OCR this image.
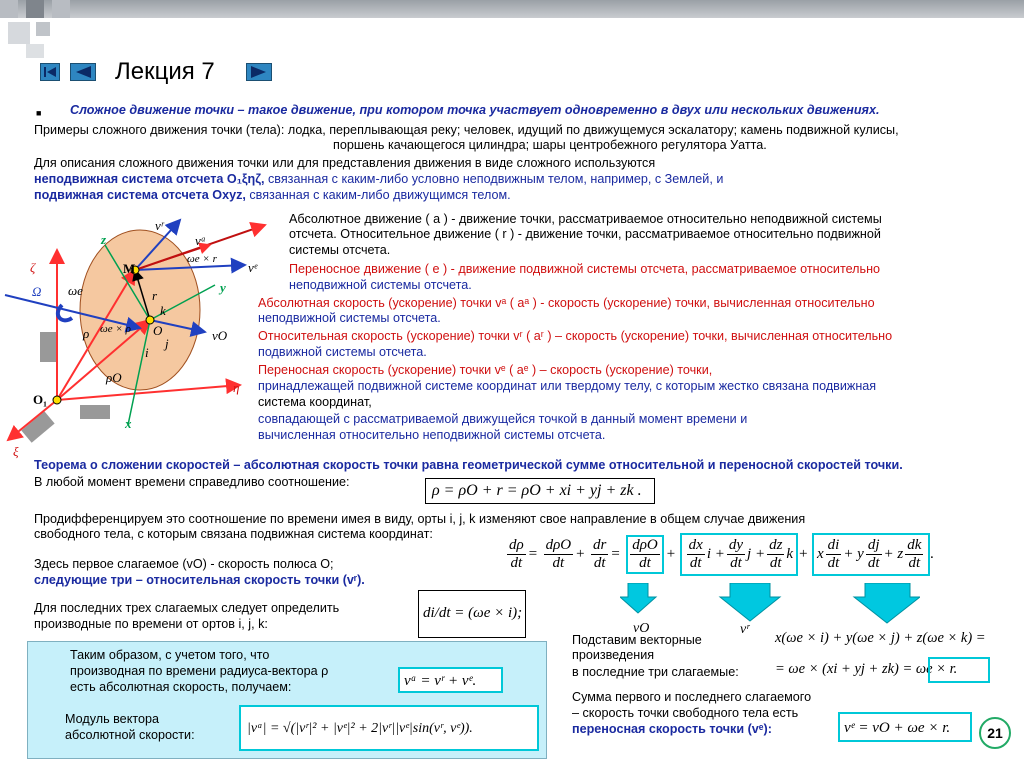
Лекция 7
■ Сложное движение точки – такое движение, при котором точка участвует одновременно в двух или нескольких движениях.
Примеры сложного движения точки (тела): лодка, переплывающая реку; человек, идущий по движущемуся эскалатору; камень подвижной кулисы,
поршень качающегося цилиндра; шары центробежного регулятора Уатта.
Для описания сложного движения точки или для представления движения в виде сложного используются
неподвижная система отсчета O₁ξηζ, связанная с каким-либо условно неподвижным телом, например, с Землей, и
подвижная система отсчета Oxyz, связанная с каким-либо движущимся телом.
ζ
Ω ωe
z
M
y
ρ
ρO
O₁
x
η
ξ
vʳ
vᵃ
vᵉ
vO
ωe × r
ωe × ρ
r
k
j
i
O
Абсолютное движение ( a ) - движение точки, рассматриваемое относительно неподвижной системы
отсчета. Относительное движение ( r ) - движение точки, рассматриваемое относительно подвижной
системы отсчета.
Переносное движение ( e ) - движение подвижной системы отсчета, рассматриваемое относительно
неподвижной системы отсчета.
Абсолютная скорость (ускорение) точки vᵃ ( aᵃ ) - скорость (ускорение) точки, вычисленная относительно
неподвижной системы отсчета.
Относительная скорость (ускорение) точки vʳ ( aʳ ) – скорость (ускорение) точки, вычисленная относительно
подвижной системы отсчета.
Переносная скорость (ускорение) точки vᵉ ( aᵉ ) – скорость (ускорение) точки,
принадлежащей подвижной системе координат или твердому телу, с которым жестко связана подвижная
система координат,
совпадающей с рассматриваемой движущейся точкой в данный момент времени и
вычисленная относительно неподвижной системы отсчета.
Теорема о сложении скоростей – абсолютная скорость точки равна геометрической сумме относительной и переносной скоростей точки.
В любой момент времени справедливо соотношение:	ρ = ρO + r = ρO + xi + yj + zk .
Продифференцируем это соотношение по времени имея в виду, орты i, j, k изменяют свое направление в общем случае движения
свободного тела, с которым связана подвижная система координат:
$\frac{d\rho}{dt} = \frac{\text{dρO}}{dt} + \frac{dr}{dt} = \frac{\text{dρO}}{dt} + \frac{dx}{dt}$ $i + \frac{dy}{dt}$ $j + \frac{dz}{dt}$ k + x $\frac{di}{dt} + y \frac{dj}{dt} + z \frac{dk}{dt}$ .
Здесь первое слагаемое (vO) - скорость полюса O;
следующие три – относительная скорость точки (vʳ).
vO	vʳ
Для последних трех слагаемых следует определить
производные по времени от ортов i, j, k:
di/dt = (ωe × i);
Таким образом, с учетом того, что
производная по времени радиуса-вектора ρ
есть абсолютная скорость, получаем:	vᵃ = vʳ + vᵉ.
Модуль вектора
абсолютной скорости:	|vᵃ| = √(|vʳ|² + |vᵉ|² + 2|vʳ||vᵉ|sin(vʳ, vᵉ)).
Подставим векторные
произведения
в последние три слагаемые:
x(ωe × i) + y(ωe × j) + z(ωe × k) =
= ωe × (xi + yj + zk) = ωe × r.
Сумма первого и последнего слагаемого
– скорость точки свободного тела есть
переносная скорость точки (vᵉ):	vᵉ = vO + ωe × r.	21
